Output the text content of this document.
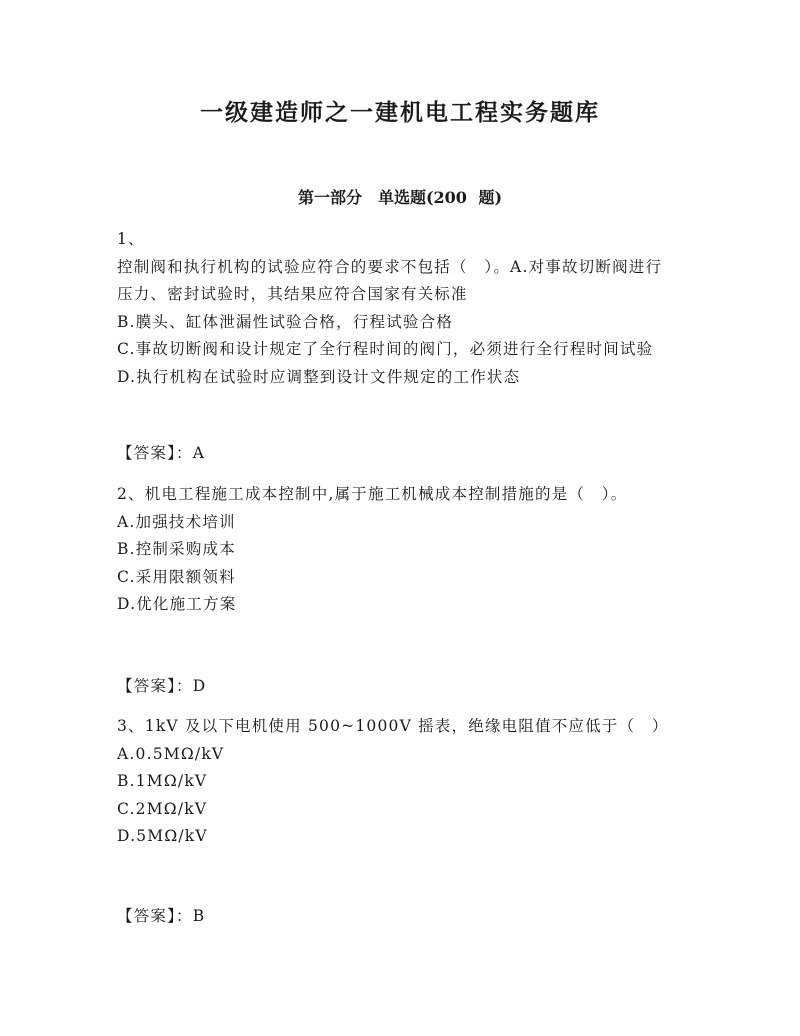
一级建造师之一建机电工程实务题库
第一部分　单选题(200 题)
1、
控制阀和执行机构的试验应符合的要求不包括（　）。A.对事故切断阀进行压力、密封试验时，其结果应符合国家有关标准
B.膜头、缸体泄漏性试验合格，行程试验合格
C.事故切断阀和设计规定了全行程时间的阀门，必须进行全行程时间试验
D.执行机构在试验时应调整到设计文件规定的工作状态
【答案】：A
2、机电工程施工成本控制中,属于施工机械成本控制措施的是（　）。
A.加强技术培训
B.控制采购成本
C.采用限额领料
D.优化施工方案
【答案】：D
3、1kV 及以下电机使用 500~1000V 摇表，绝缘电阻值不应低于（　）
A.0.5MΩ/kV
B.1MΩ/kV
C.2MΩ/kV
D.5MΩ/kV
【答案】：B
